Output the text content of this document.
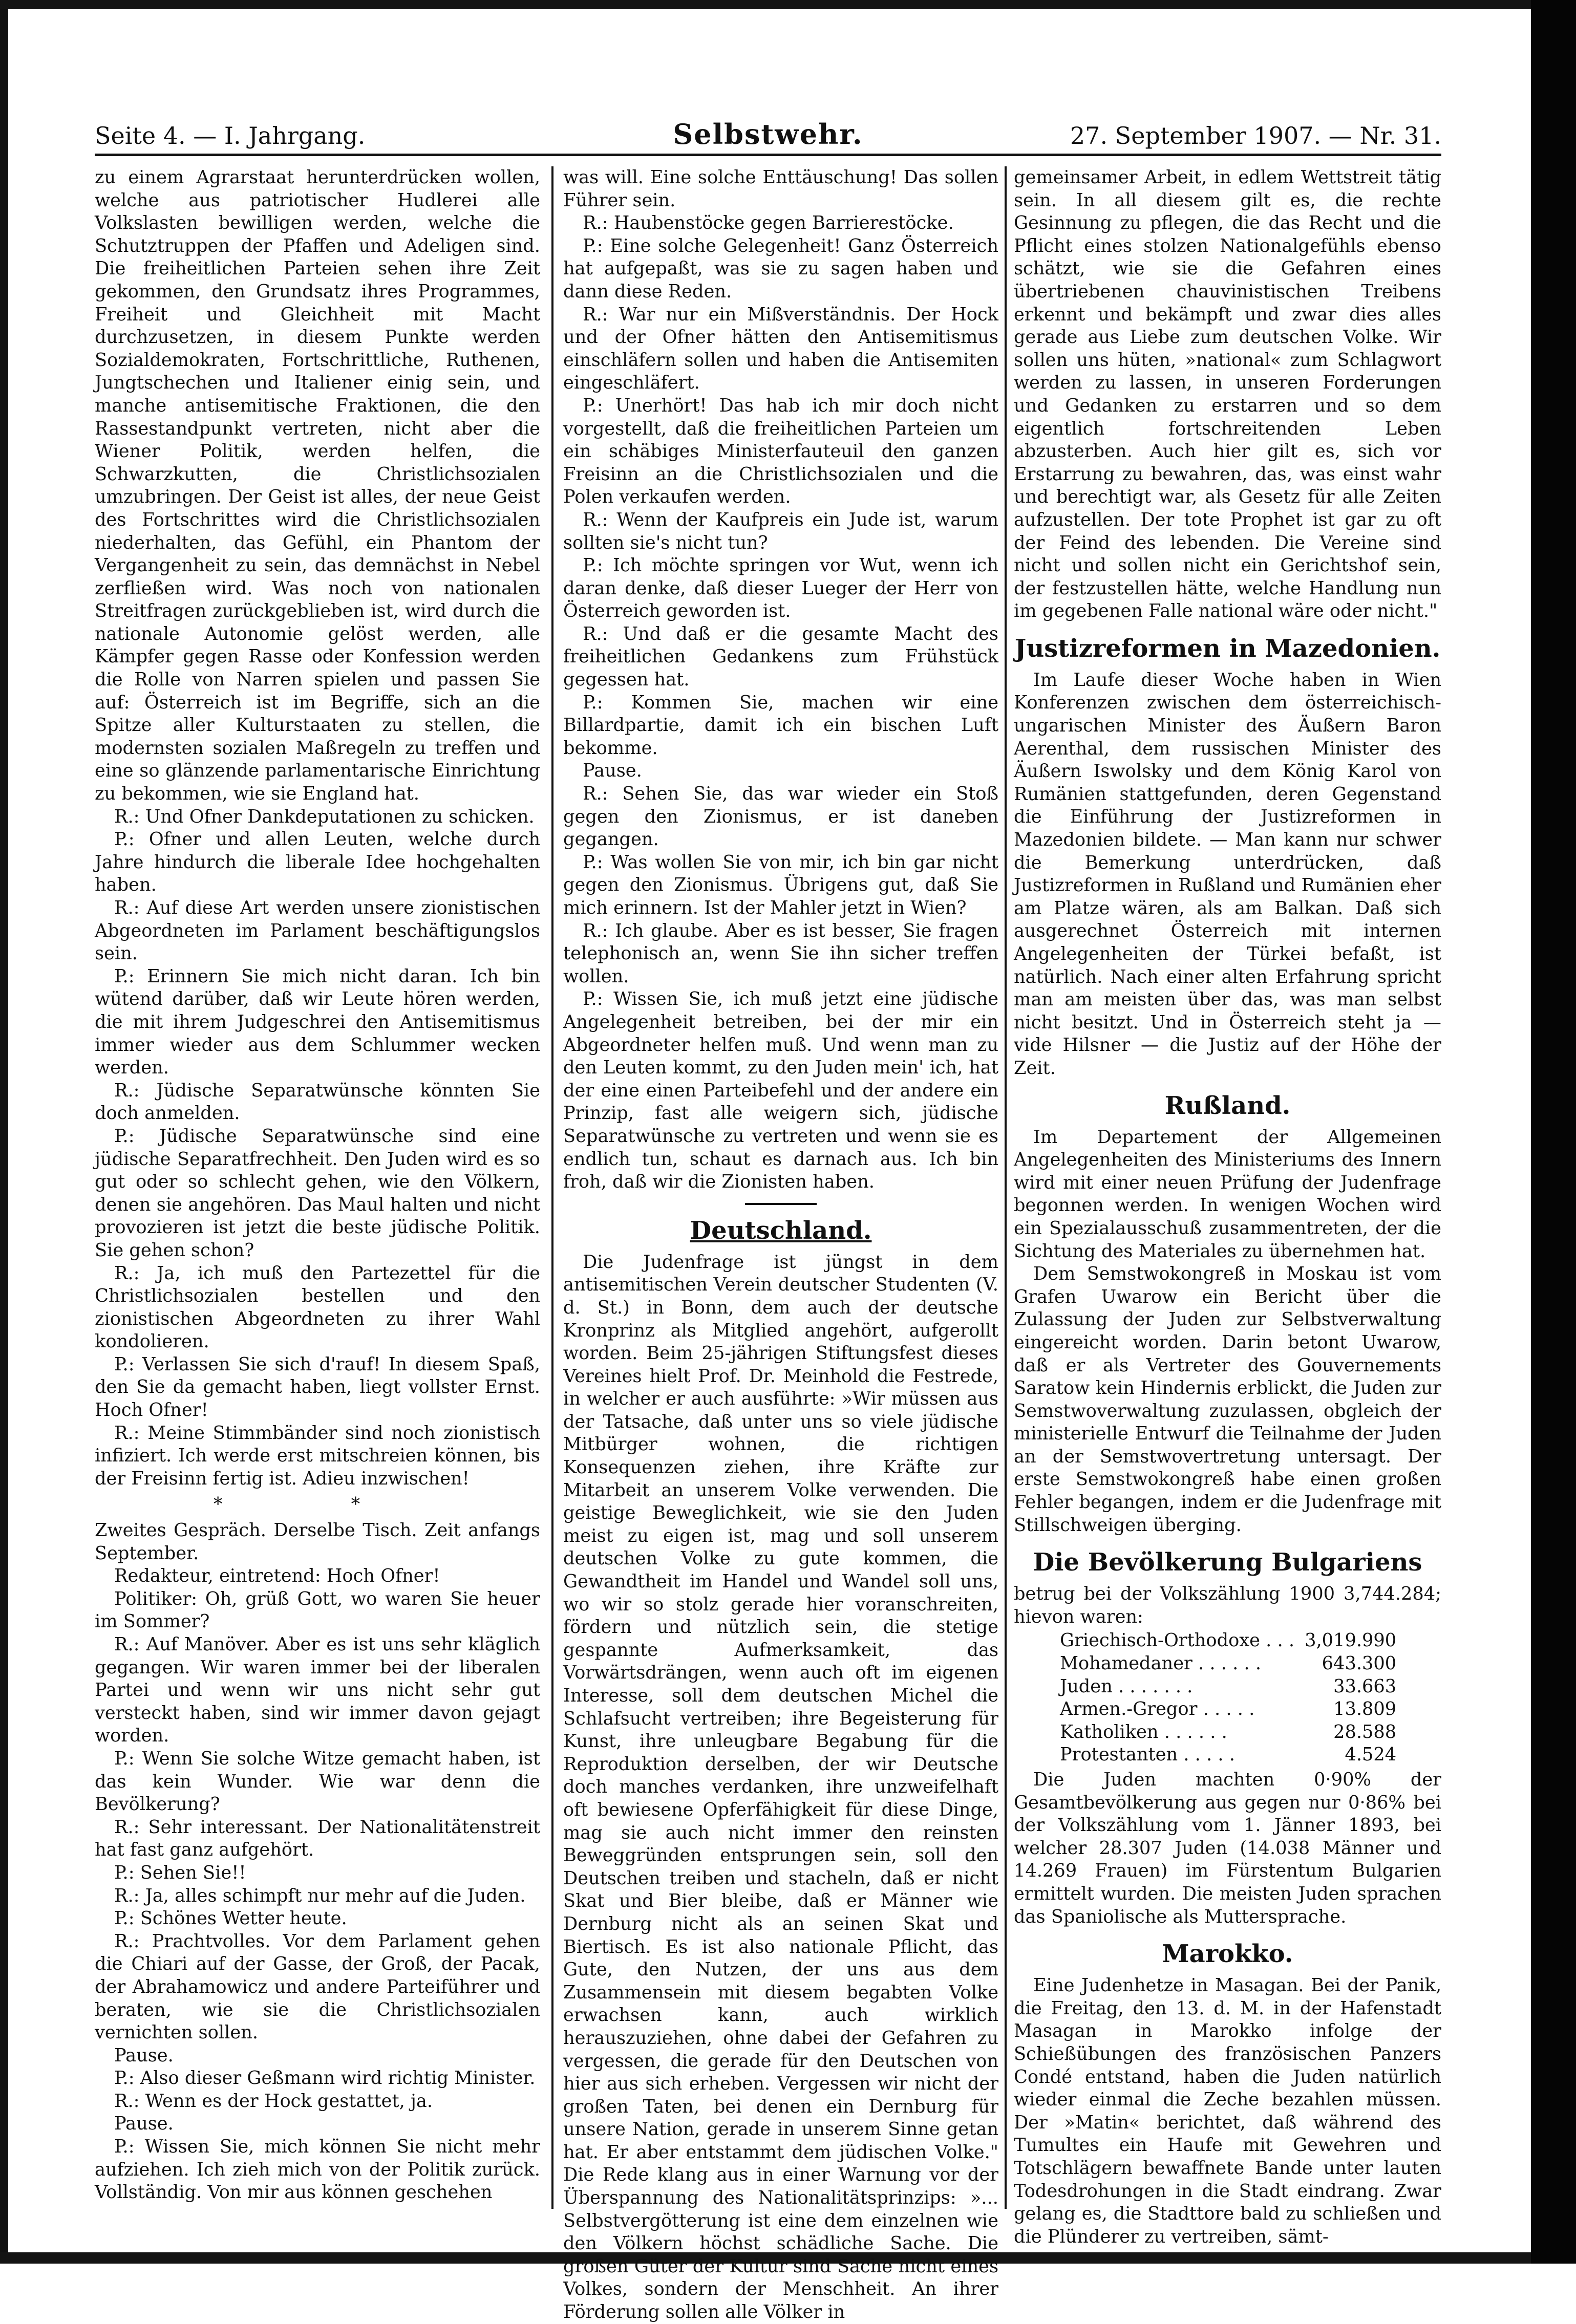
Seite 4. — I. Jahrgang.	Selbstwehr.	27. September 1907. — Nr. 31.

zu einem Agrarstaat herunterdrücken wollen, welche aus patriotischer Hudlerei alle Volkslasten bewilligen werden, welche die Schutztruppen der Pfaffen und Adeligen sind. Die freiheitlichen Parteien sehen ihre Zeit gekommen, den Grundsatz ihres Programmes, Freiheit und Gleichheit mit Macht durchzusetzen, in diesem Punkte werden Sozialdemokraten, Fortschrittliche, Ruthenen, Jungtschechen und Italiener einig sein, und manche antisemitische Fraktionen, die den Rassestandpunkt vertreten, nicht aber die Wiener Politik, werden helfen, die Schwarzkutten, die Christlichsozialen umzubringen. Der Geist ist alles, der neue Geist des Fortschrittes wird die Christlichsozialen niederhalten, das Gefühl, ein Phantom der Vergangenheit zu sein, das demnächst in Nebel zerfließen wird. Was noch von nationalen Streitfragen zurückgeblieben ist, wird durch die nationale Autonomie gelöst werden, alle Kämpfer gegen Rasse oder Konfession werden die Rolle von Narren spielen und passen Sie auf: Österreich ist im Begriffe, sich an die Spitze aller Kulturstaaten zu stellen, die modernsten sozialen Maßregeln zu treffen und eine so glänzende parlamentarische Einrichtung zu bekommen, wie sie England hat.

R.: Und Ofner Dankdeputationen zu schicken.

P.: Ofner und allen Leuten, welche durch Jahre hindurch die liberale Idee hochgehalten haben.

R.: Auf diese Art werden unsere zionistischen Abgeordneten im Parlament beschäftigungslos sein.

P.: Erinnern Sie mich nicht daran. Ich bin wütend darüber, daß wir Leute hören werden, die mit ihrem Judgeschrei den Antisemitismus immer wieder aus dem Schlummer wecken werden.

R.: Jüdische Separatwünsche könnten Sie doch anmelden.

P.: Jüdische Separatwünsche sind eine jüdische Separatfrechheit. Den Juden wird es so gut oder so schlecht gehen, wie den Völkern, denen sie angehören. Das Maul halten und nicht provozieren ist jetzt die beste jüdische Politik. Sie gehen schon?

R.: Ja, ich muß den Partezettel für die Christlichsozialen bestellen und den zionistischen Abgeordneten zu ihrer Wahl kondolieren.

P.: Verlassen Sie sich d'rauf! In diesem Spaß, den Sie da gemacht haben, liegt vollster Ernst. Hoch Ofner!

R.: Meine Stimmbänder sind noch zionistisch infiziert. Ich werde erst mitschreien können, bis der Freisinn fertig ist. Adieu inzwischen!

* *

Zweites Gespräch. Derselbe Tisch. Zeit anfangs September.

Redakteur, eintretend: Hoch Ofner!

Politiker: Oh, grüß Gott, wo waren Sie heuer im Sommer?

R.: Auf Manöver. Aber es ist uns sehr kläglich gegangen. Wir waren immer bei der liberalen Partei und wenn wir uns nicht sehr gut versteckt haben, sind wir immer davon gejagt worden.

P.: Wenn Sie solche Witze gemacht haben, ist das kein Wunder. Wie war denn die Bevölkerung?

R.: Sehr interessant. Der Nationalitätenstreit hat fast ganz aufgehört.

P.: Sehen Sie!!

R.: Ja, alles schimpft nur mehr auf die Juden.

P.: Schönes Wetter heute.

R.: Prachtvolles. Vor dem Parlament gehen die Chiari auf der Gasse, der Groß, der Pacak, der Abrahamowicz und andere Parteiführer und beraten, wie sie die Christlichsozialen vernichten sollen.

Pause.

P.: Also dieser Geßmann wird richtig Minister.

R.: Wenn es der Hock gestattet, ja.

Pause.

P.: Wissen Sie, mich können Sie nicht mehr aufziehen. Ich zieh mich von der Politik zurück. Vollständig. Von mir aus können geschehen

was will. Eine solche Enttäuschung! Das sollen Führer sein.

R.: Haubenstöcke gegen Barrierestöcke.

P.: Eine solche Gelegenheit! Ganz Österreich hat aufgepaßt, was sie zu sagen haben und dann diese Reden.

R.: War nur ein Mißverständnis. Der Hock und der Ofner hätten den Antisemitismus einschläfern sollen und haben die Antisemiten eingeschläfert.

P.: Unerhört! Das hab ich mir doch nicht vorgestellt, daß die freiheitlichen Parteien um ein schäbiges Ministerfauteuil den ganzen Freisinn an die Christlichsozialen und die Polen verkaufen werden.

R.: Wenn der Kaufpreis ein Jude ist, warum sollten sie's nicht tun?

P.: Ich möchte springen vor Wut, wenn ich daran denke, daß dieser Lueger der Herr von Österreich geworden ist.

R.: Und daß er die gesamte Macht des freiheitlichen Gedankens zum Frühstück gegessen hat.

P.: Kommen Sie, machen wir eine Billardpartie, damit ich ein bischen Luft bekomme.

Pause.

R.: Sehen Sie, das war wieder ein Stoß gegen den Zionismus, er ist daneben gegangen.

P.: Was wollen Sie von mir, ich bin gar nicht gegen den Zionismus. Übrigens gut, daß Sie mich erinnern. Ist der Mahler jetzt in Wien?

R.: Ich glaube. Aber es ist besser, Sie fragen telephonisch an, wenn Sie ihn sicher treffen wollen.

P.: Wissen Sie, ich muß jetzt eine jüdische Angelegenheit betreiben, bei der mir ein Abgeordneter helfen muß. Und wenn man zu den Leuten kommt, zu den Juden mein' ich, hat der eine einen Parteibefehl und der andere ein Prinzip, fast alle weigern sich, jüdische Separatwünsche zu vertreten und wenn sie es endlich tun, schaut es darnach aus. Ich bin froh, daß wir die Zionisten haben.

Deutschland.

Die Judenfrage ist jüngst in dem antisemitischen Verein deutscher Studenten (V. d. St.) in Bonn, dem auch der deutsche Kronprinz als Mitglied angehört, aufgerollt worden. Beim 25-jährigen Stiftungsfest dieses Vereines hielt Prof. Dr. Meinhold die Festrede, in welcher er auch ausführte: »Wir müssen aus der Tatsache, daß unter uns so viele jüdische Mitbürger wohnen, die richtigen Konsequenzen ziehen, ihre Kräfte zur Mitarbeit an unserem Volke verwenden. Die geistige Beweglichkeit, wie sie den Juden meist zu eigen ist, mag und soll unserem deutschen Volke zu gute kommen, die Gewandtheit im Handel und Wandel soll uns, wo wir so stolz gerade hier voranschreiten, fördern und nützlich sein, die stetige gespannte Aufmerksamkeit, das Vorwärtsdrängen, wenn auch oft im eigenen Interesse, soll dem deutschen Michel die Schlafsucht vertreiben; ihre Begeisterung für Kunst, ihre unleugbare Begabung für die Reproduktion derselben, der wir Deutsche doch manches verdanken, ihre unzweifelhaft oft bewiesene Opferfähigkeit für diese Dinge, mag sie auch nicht immer den reinsten Beweggründen entsprungen sein, soll den Deutschen treiben und stacheln, daß er nicht Skat und Bier bleibe, daß er Männer wie Dernburg nicht als an seinen Skat und Biertisch. Es ist also nationale Pflicht, das Gute, den Nutzen, der uns aus dem Zusammensein mit diesem begabten Volke erwachsen kann, auch wirklich herauszuziehen, ohne dabei der Gefahren zu vergessen, die gerade für den Deutschen von hier aus sich erheben. Vergessen wir nicht der großen Taten, bei denen ein Dernburg für unsere Nation, gerade in unserem Sinne getan hat. Er aber entstammt dem jüdischen Volke." Die Rede klang aus in einer Warnung vor der Überspannung des Nationalitätsprinzips: »... Selbstvergötterung ist eine dem einzelnen wie den Völkern höchst schädliche Sache. Die großen Güter der Kultur sind Sache nicht eines Volkes, sondern der Menschheit. An ihrer Förderung sollen alle Völker in

gemeinsamer Arbeit, in edlem Wettstreit tätig sein. In all diesem gilt es, die rechte Gesinnung zu pflegen, die das Recht und die Pflicht eines stolzen Nationalgefühls ebenso schätzt, wie sie die Gefahren eines übertriebenen chauvinistischen Treibens erkennt und bekämpft und zwar dies alles gerade aus Liebe zum deutschen Volke. Wir sollen uns hüten, »national« zum Schlagwort werden zu lassen, in unseren Forderungen und Gedanken zu erstarren und so dem eigentlich fortschreitenden Leben abzusterben. Auch hier gilt es, sich vor Erstarrung zu bewahren, das, was einst wahr und berechtigt war, als Gesetz für alle Zeiten aufzustellen. Der tote Prophet ist gar zu oft der Feind des lebenden. Die Vereine sind nicht und sollen nicht ein Gerichtshof sein, der festzustellen hätte, welche Handlung nun im gegebenen Falle national wäre oder nicht."

Justizreformen in Mazedonien.

Im Laufe dieser Woche haben in Wien Konferenzen zwischen dem österreichisch-ungarischen Minister des Äußern Baron Aerenthal, dem russischen Minister des Äußern Iswolsky und dem König Karol von Rumänien stattgefunden, deren Gegenstand die Einführung der Justizreformen in Mazedonien bildete. — Man kann nur schwer die Bemerkung unterdrücken, daß Justizreformen in Rußland und Rumänien eher am Platze wären, als am Balkan. Daß sich ausgerechnet Österreich mit internen Angelegenheiten der Türkei befaßt, ist natürlich. Nach einer alten Erfahrung spricht man am meisten über das, was man selbst nicht besitzt. Und in Österreich steht ja — vide Hilsner — die Justiz auf der Höhe der Zeit.

Rußland.

Im Departement der Allgemeinen Angelegenheiten des Ministeriums des Innern wird mit einer neuen Prüfung der Judenfrage begonnen werden. In wenigen Wochen wird ein Spezialausschuß zusammentreten, der die Sichtung des Materiales zu übernehmen hat.

Dem Semstwokongreß in Moskau ist vom Grafen Uwarow ein Bericht über die Zulassung der Juden zur Selbstverwaltung eingereicht worden. Darin betont Uwarow, daß er als Vertreter des Gouvernements Saratow kein Hindernis erblickt, die Juden zur Semstwoverwaltung zuzulassen, obgleich der ministerielle Entwurf die Teilnahme der Juden an der Semstwovertretung untersagt. Der erste Semstwokongreß habe einen großen Fehler begangen, indem er die Judenfrage mit Stillschweigen überging.

Die Bevölkerung Bulgariens

betrug bei der Volkszählung 1900 3,744.284; hievon waren:

Griechisch-Orthodoxe . . .	3,019.990
Mohamedaner . . . . . .	643.300
Juden . . . . . . .	33.663
Armen.-Gregor . . . . .	13.809
Katholiken . . . . . .	28.588
Protestanten . . . . .	4.524

Die Juden machten 0·90% der Gesamtbevölkerung aus gegen nur 0·86% bei der Volkszählung vom 1. Jänner 1893, bei welcher 28.307 Juden (14.038 Männer und 14.269 Frauen) im Fürstentum Bulgarien ermittelt wurden. Die meisten Juden sprachen das Spaniolische als Muttersprache.

Marokko.

Eine Judenhetze in Masagan. Bei der Panik, die Freitag, den 13. d. M. in der Hafenstadt Masagan in Marokko infolge der Schießübungen des französischen Panzers Condé entstand, haben die Juden natürlich wieder einmal die Zeche bezahlen müssen. Der »Matin« berichtet, daß während des Tumultes ein Haufe mit Gewehren und Totschlägern bewaffnete Bande unter lauten Todesdrohungen in die Stadt eindrang. Zwar gelang es, die Stadttore bald zu schließen und die Plünderer zu vertreiben, sämt-
